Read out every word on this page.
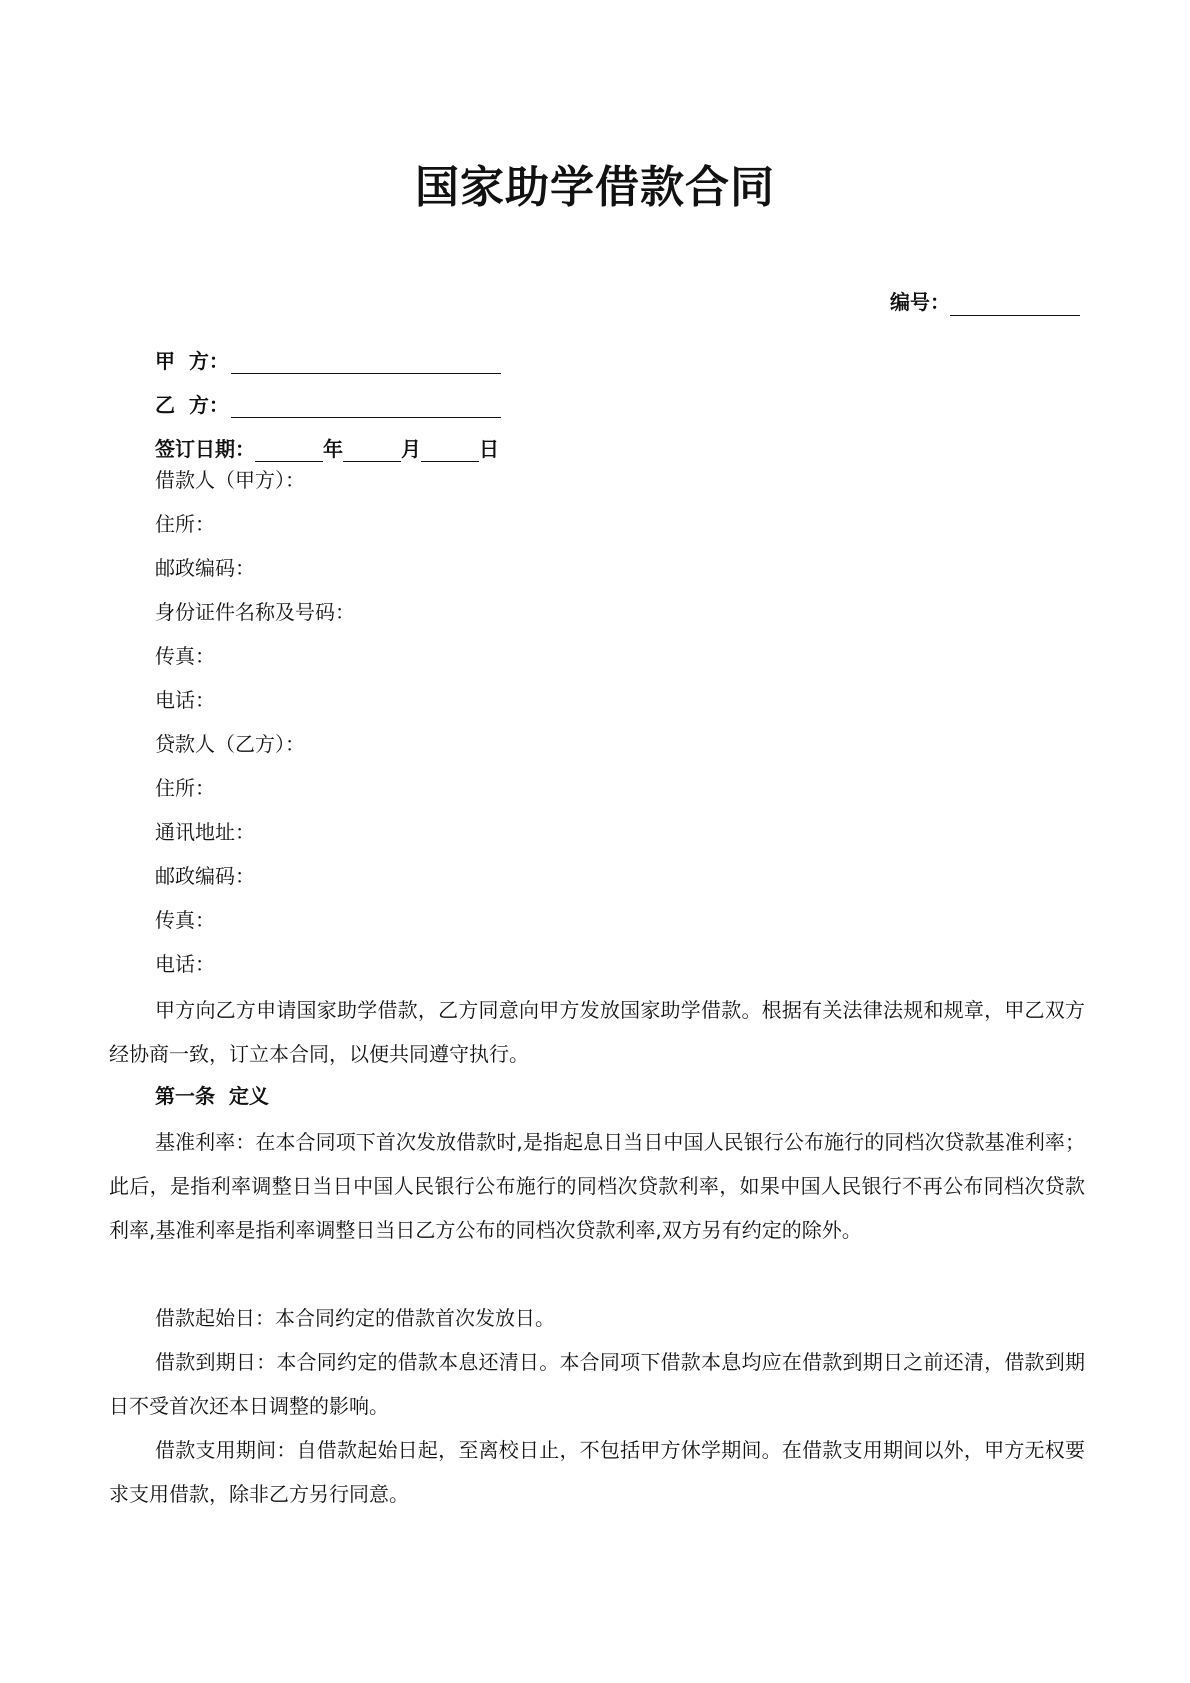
国家助学借款合同
编号：
甲  方：
乙  方：
签订日期：	年	月	日
借款人（甲方）：
住所：
邮政编码：
身份证件名称及号码：
传真：
电话：
贷款人（乙方）：
住所：
通讯地址：
邮政编码：
传真：
电话：

甲方向乙方申请国家助学借款，乙方同意向甲方发放国家助学借款。根据有关法律法规和规章，甲乙双方经协商一致，订立本合同，以便共同遵守执行。

第一条  定义

基准利率：在本合同项下首次发放借款时,是指起息日当日中国人民银行公布施行的同档次贷款基准利率；此后，是指利率调整日当日中国人民银行公布施行的同档次贷款利率，如果中国人民银行不再公布同档次贷款利率,基准利率是指利率调整日当日乙方公布的同档次贷款利率,双方另有约定的除外。

借款起始日：本合同约定的借款首次发放日。

借款到期日：本合同约定的借款本息还清日。本合同项下借款本息均应在借款到期日之前还清，借款到期日不受首次还本日调整的影响。

借款支用期间：自借款起始日起，至离校日止，不包括甲方休学期间。在借款支用期间以外，甲方无权要求支用借款，除非乙方另行同意。
